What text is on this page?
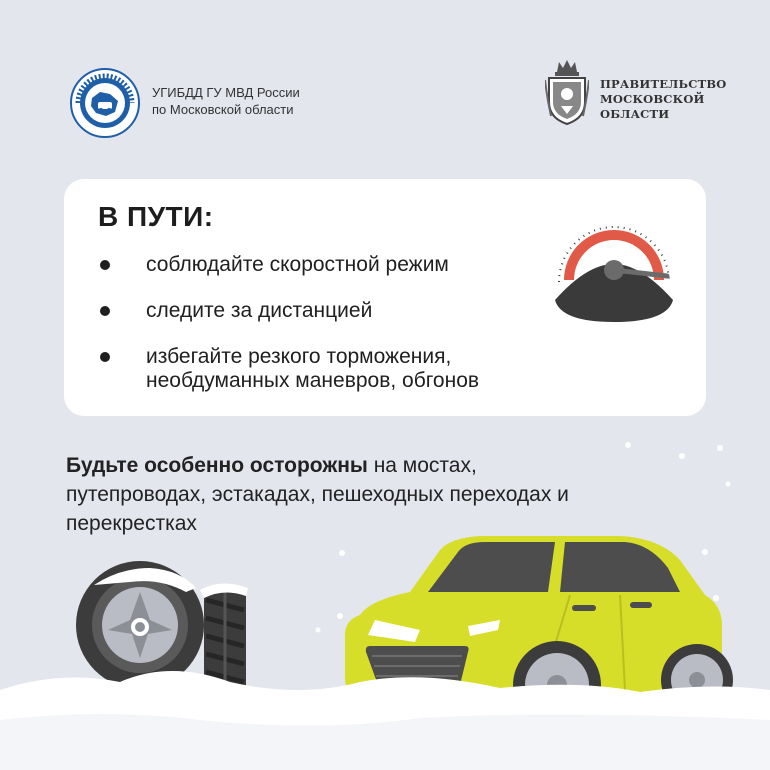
УГИБДД ГУ МВД России
по Московской области
ПРАВИТЕЛЬСТВО
МОСКОВСКОЙ
ОБЛАСТИ
В ПУТИ:
соблюдайте скоростной режим
следите за дистанцией
избегайте резкого торможения, необдуманных маневров, обгонов
Будьте особенно осторожны на мостах, путепроводах, эстакадах, пешеходных переходах и перекрестках
